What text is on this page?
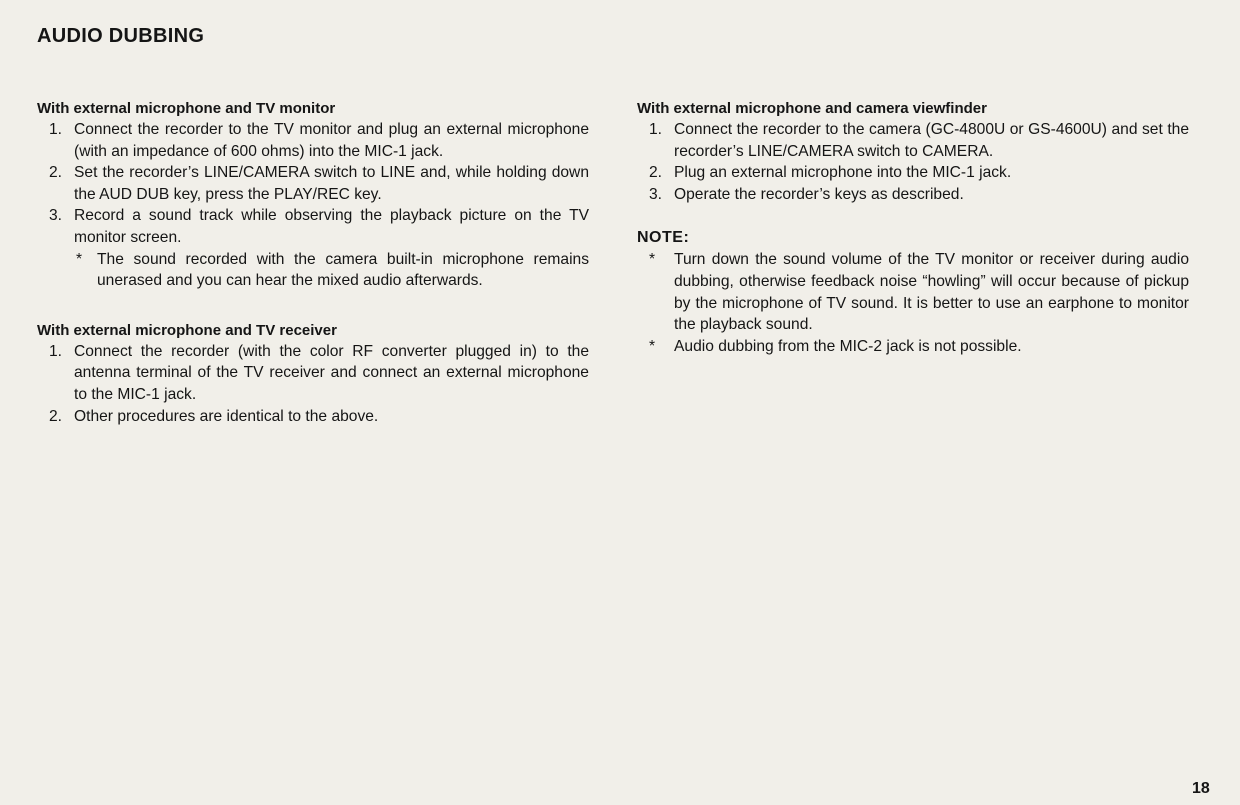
AUDIO DUBBING
With external microphone and TV monitor
1. Connect the recorder to the TV monitor and plug an external microphone (with an impedance of 600 ohms) into the MIC-1 jack.
2. Set the recorder’s LINE/CAMERA switch to LINE and, while holding down the AUD DUB key, press the PLAY/REC key.
3. Record a sound track while observing the playback picture on the TV monitor screen.
* The sound recorded with the camera built-in microphone remains unerased and you can hear the mixed audio afterwards.
With external microphone and TV receiver
1. Connect the recorder (with the color RF converter plugged in) to the antenna terminal of the TV receiver and connect an external microphone to the MIC-1 jack.
2. Other procedures are identical to the above.
With external microphone and camera viewfinder
1. Connect the recorder to the camera (GC-4800U or GS-4600U) and set the recorder’s LINE/CAMERA switch to CAMERA.
2. Plug an external microphone into the MIC-1 jack.
3. Operate the recorder’s keys as described.
NOTE:
* Turn down the sound volume of the TV monitor or receiver during audio dubbing, otherwise feedback noise “howling” will occur because of pickup by the microphone of TV sound. It is better to use an earphone to monitor the playback sound.
* Audio dubbing from the MIC-2 jack is not possible.
18
